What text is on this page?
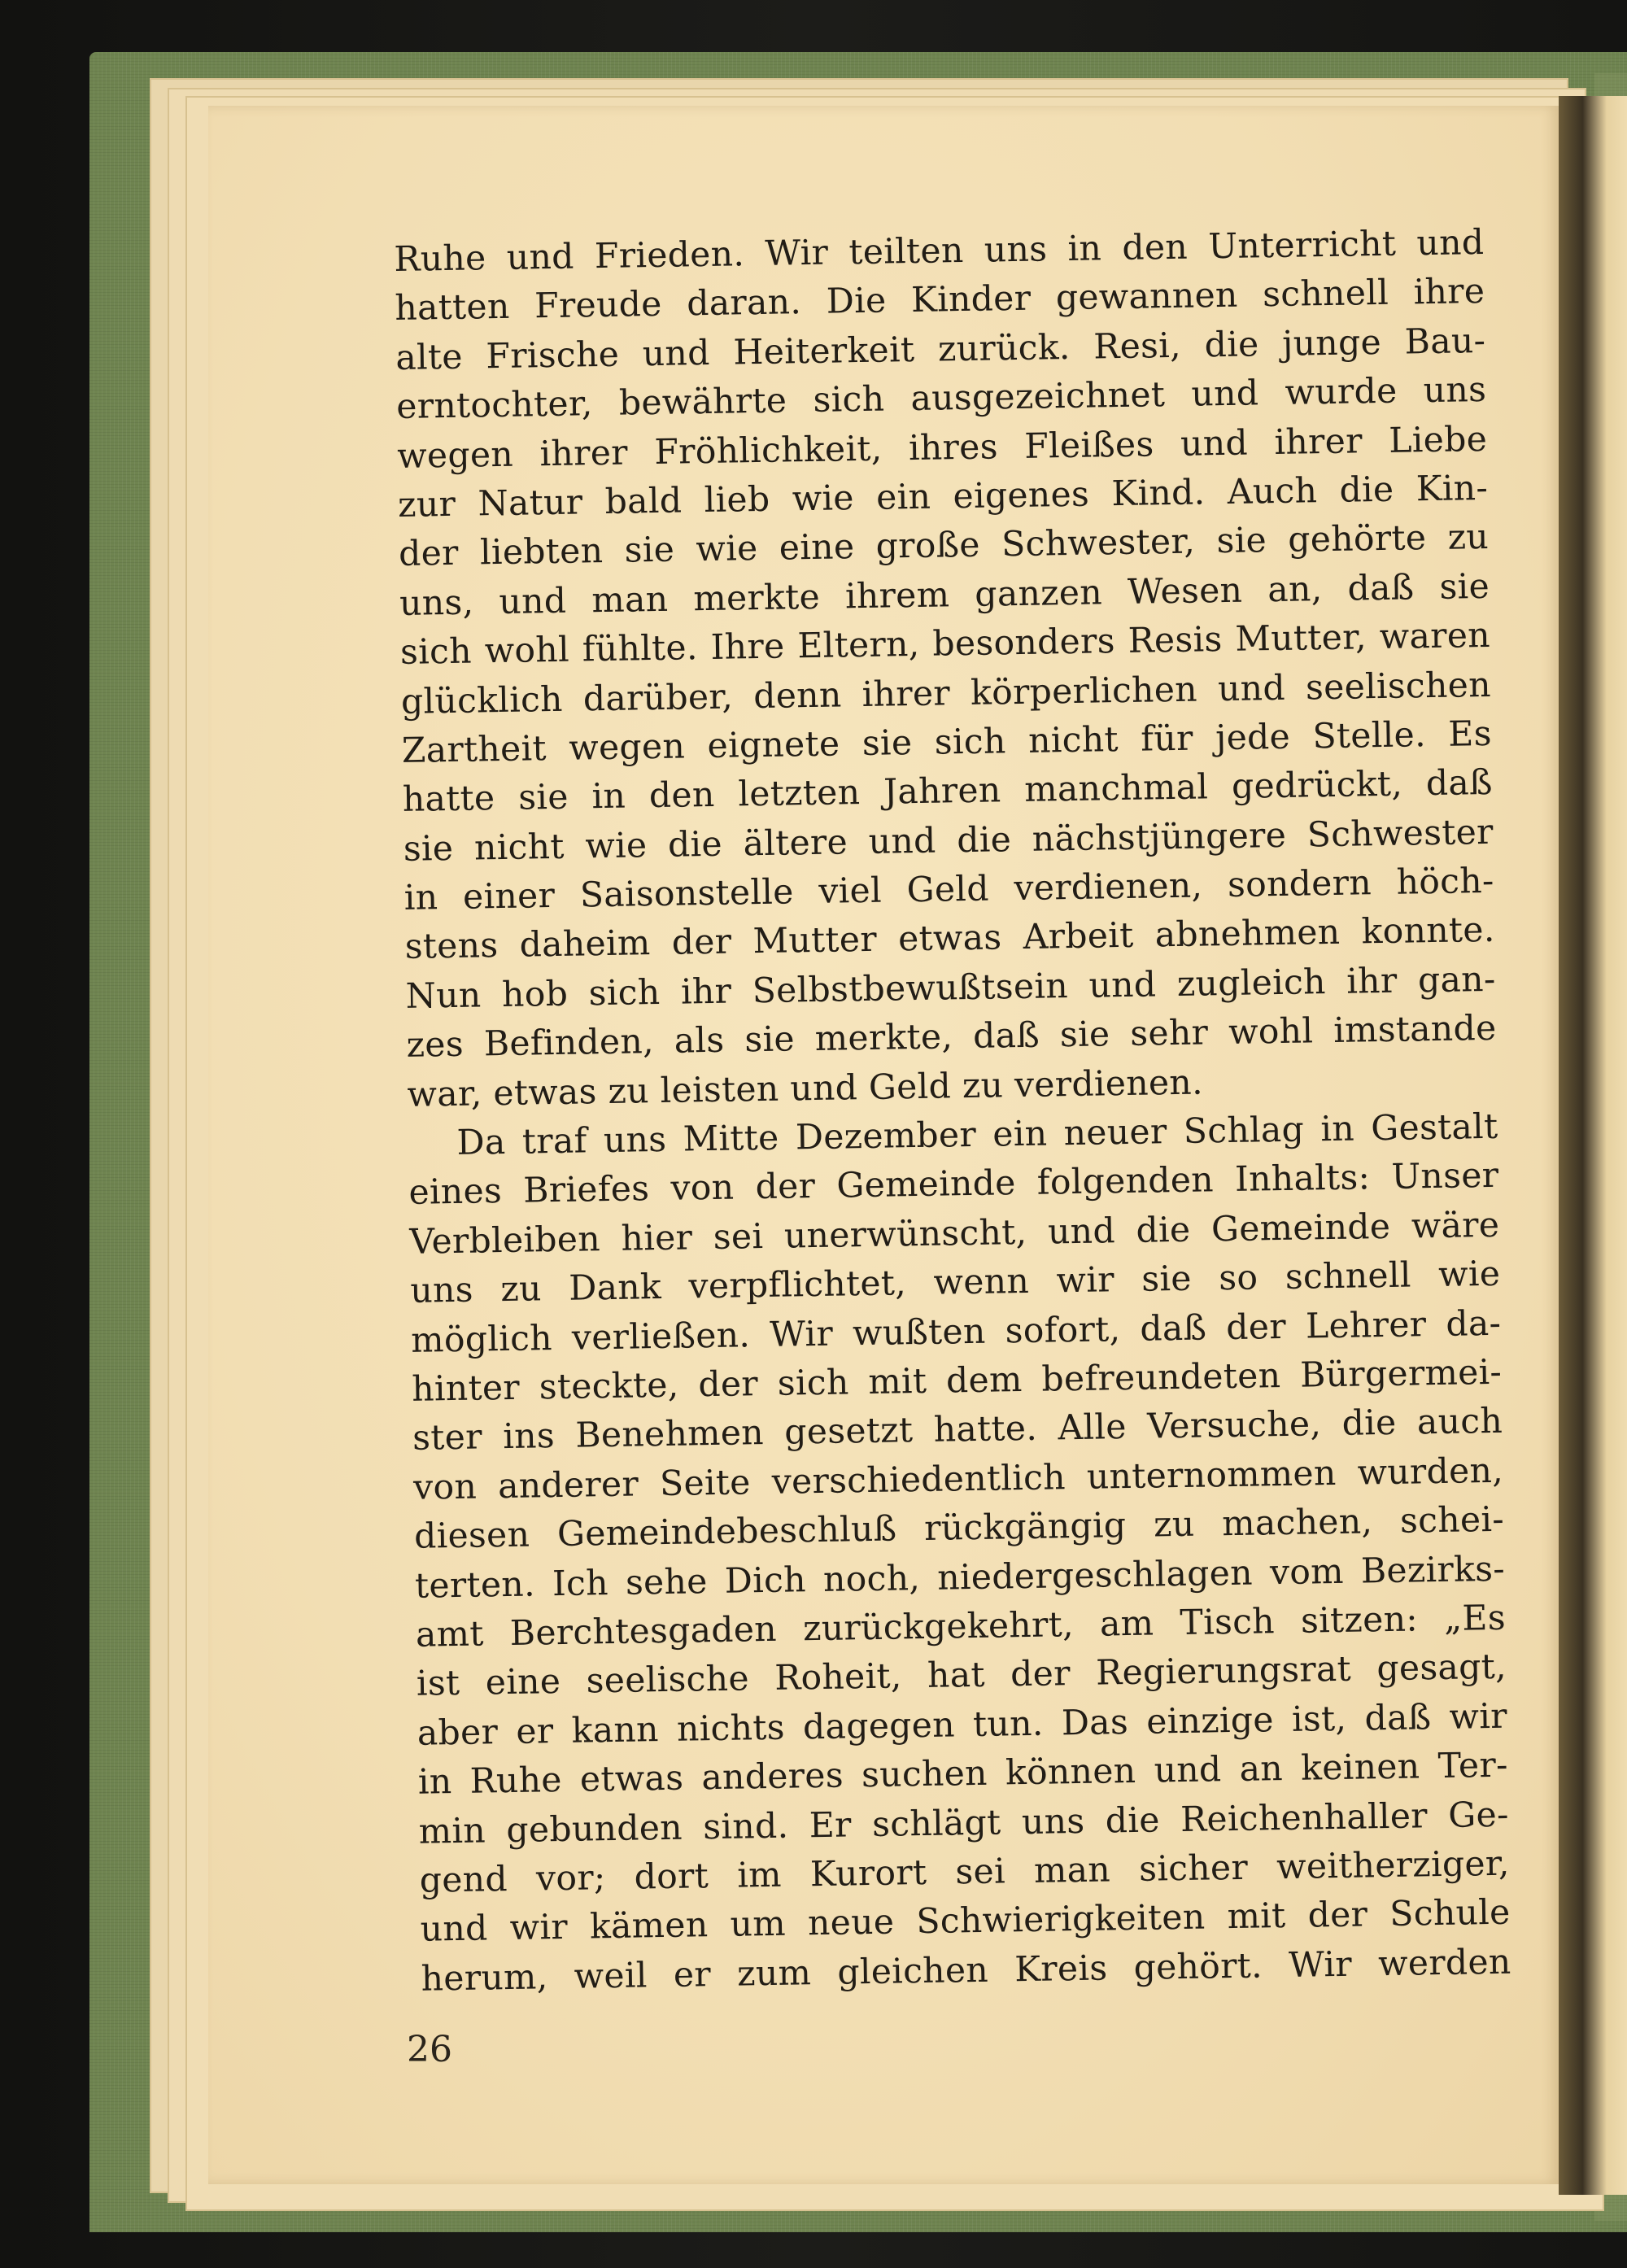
Ruhe und Frieden. Wir teilten uns in den Unterricht und
hatten Freude daran. Die Kinder gewannen schnell ihre
alte Frische und Heiterkeit zurück. Resi, die junge Bau-
erntochter, bewährte sich ausgezeichnet und wurde uns
wegen ihrer Fröhlichkeit, ihres Fleißes und ihrer Liebe
zur Natur bald lieb wie ein eigenes Kind. Auch die Kin-
der liebten sie wie eine große Schwester, sie gehörte zu
uns, und man merkte ihrem ganzen Wesen an, daß sie
sich wohl fühlte. Ihre Eltern, besonders Resis Mutter, waren
glücklich darüber, denn ihrer körperlichen und seelischen
Zartheit wegen eignete sie sich nicht für jede Stelle. Es
hatte sie in den letzten Jahren manchmal gedrückt, daß
sie nicht wie die ältere und die nächstjüngere Schwester
in einer Saisonstelle viel Geld verdienen, sondern höch-
stens daheim der Mutter etwas Arbeit abnehmen konnte.
Nun hob sich ihr Selbstbewußtsein und zugleich ihr gan-
zes Befinden, als sie merkte, daß sie sehr wohl imstande
war, etwas zu leisten und Geld zu verdienen.
Da traf uns Mitte Dezember ein neuer Schlag in Gestalt
eines Briefes von der Gemeinde folgenden Inhalts: Unser
Verbleiben hier sei unerwünscht, und die Gemeinde wäre
uns zu Dank verpflichtet, wenn wir sie so schnell wie
möglich verließen. Wir wußten sofort, daß der Lehrer da-
hinter steckte, der sich mit dem befreundeten Bürgermei-
ster ins Benehmen gesetzt hatte. Alle Versuche, die auch
von anderer Seite verschiedentlich unternommen wurden,
diesen Gemeindebeschluß rückgängig zu machen, schei-
terten. Ich sehe Dich noch, niedergeschlagen vom Bezirks-
amt Berchtesgaden zurückgekehrt, am Tisch sitzen: „Es
ist eine seelische Roheit, hat der Regierungsrat gesagt,
aber er kann nichts dagegen tun. Das einzige ist, daß wir
in Ruhe etwas anderes suchen können und an keinen Ter-
min gebunden sind. Er schlägt uns die Reichenhaller Ge-
gend vor; dort im Kurort sei man sicher weitherziger,
und wir kämen um neue Schwierigkeiten mit der Schule
herum, weil er zum gleichen Kreis gehört. Wir werden
26
